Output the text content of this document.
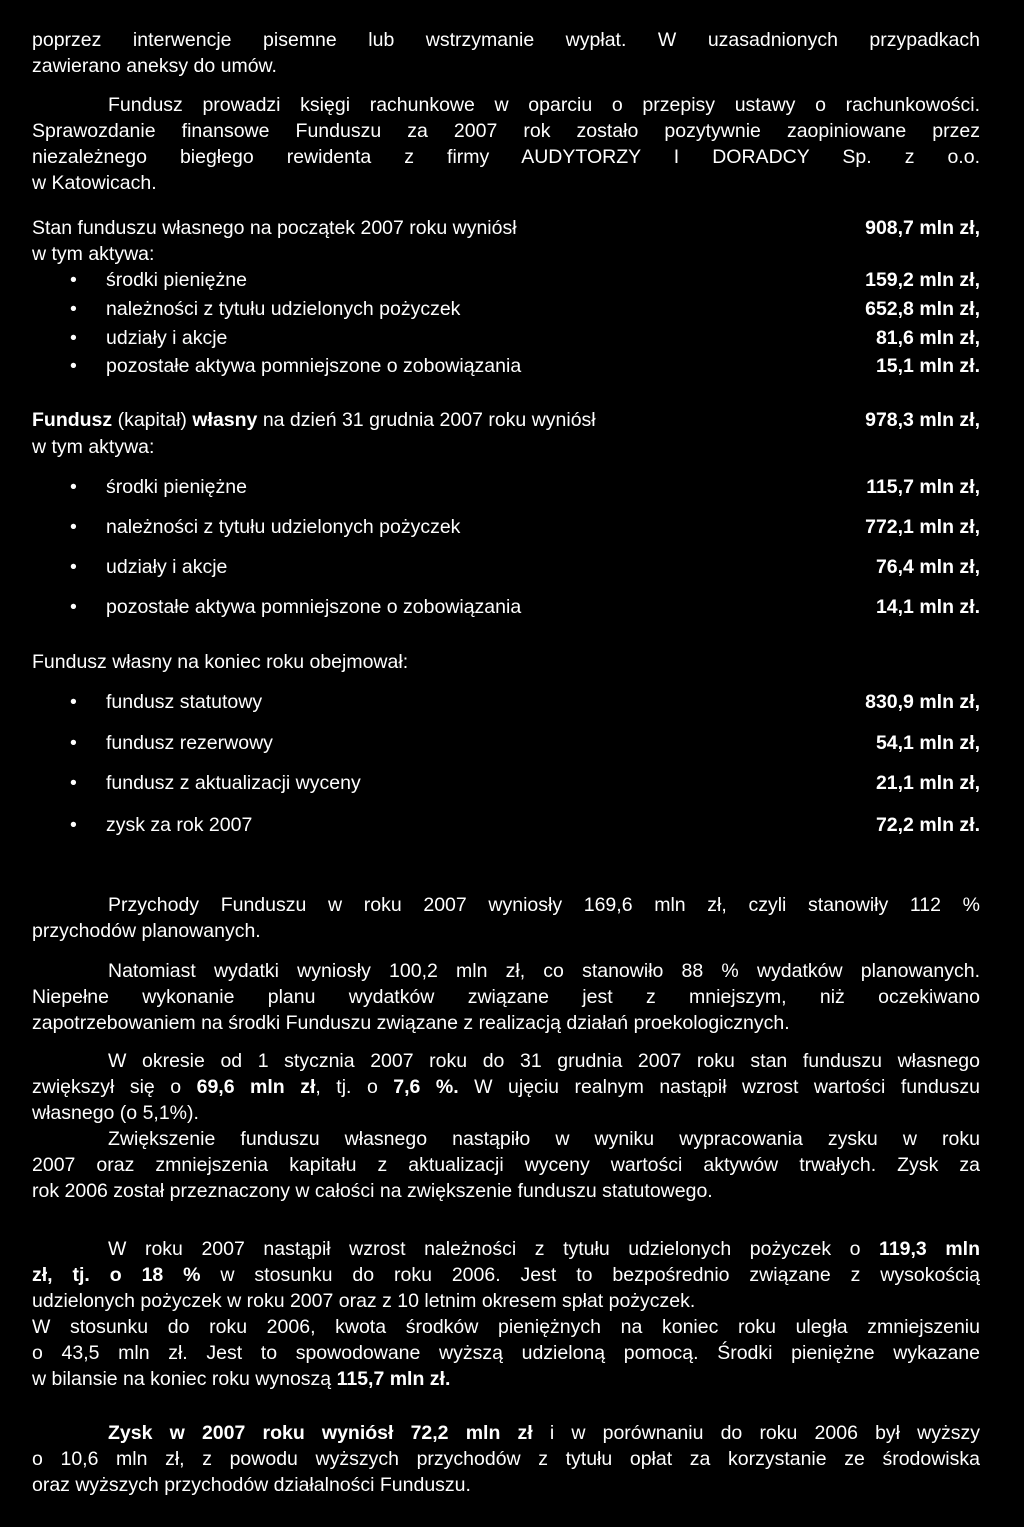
poprzez interwencje pisemne lub wstrzymanie wypłat. W uzasadnionych przypadkach
zawierano aneksy do umów.
Fundusz prowadzi księgi rachunkowe w oparciu o przepisy ustawy o rachunkowości.
Sprawozdanie finansowe Funduszu za 2007 rok zostało pozytywnie zaopiniowane przez
niezależnego biegłego rewidenta z firmy AUDYTORZY I DORADCY Sp. z o.o.
w Katowicach.
Stan funduszu własnego na początek 2007 roku wyniósł	908,7 mln zł,
w tym aktywa:
• środki pieniężne	159,2 mln zł,
• należności z tytułu udzielonych pożyczek	652,8 mln zł,
• udziały i akcje	81,6 mln zł,
• pozostałe aktywa pomniejszone o zobowiązania	15,1 mln zł.
Fundusz (kapitał) własny na dzień 31 grudnia 2007 roku wyniósł	978,3 mln zł,
w tym aktywa:
• środki pieniężne	115,7 mln zł,
• należności z tytułu udzielonych pożyczek	772,1 mln zł,
• udziały i akcje	76,4 mln zł,
• pozostałe aktywa pomniejszone o zobowiązania	14,1 mln zł.
Fundusz własny na koniec roku obejmował:
• fundusz statutowy	830,9 mln zł,
• fundusz rezerwowy	54,1 mln zł,
• fundusz z aktualizacji wyceny	21,1 mln zł,
• zysk za rok 2007	72,2 mln zł.
Przychody Funduszu w roku 2007 wyniosły 169,6 mln zł, czyli stanowiły 112 %
przychodów planowanych.
Natomiast wydatki wyniosły 100,2 mln zł, co stanowiło 88 % wydatków planowanych.
Niepełne wykonanie planu wydatków związane jest z mniejszym, niż oczekiwano
zapotrzebowaniem na środki Funduszu związane z realizacją działań proekologicznych.
W okresie od 1 stycznia 2007 roku do 31 grudnia 2007 roku stan funduszu własnego
zwiększył się o 69,6 mln zł, tj. o 7,6 %. W ujęciu realnym nastąpił wzrost wartości funduszu
własnego (o 5,1%).
Zwiększenie funduszu własnego nastąpiło w wyniku wypracowania zysku w roku
2007 oraz zmniejszenia kapitału z aktualizacji wyceny wartości aktywów trwałych. Zysk za
rok 2006 został przeznaczony w całości na zwiększenie funduszu statutowego.
W roku 2007 nastąpił wzrost należności z tytułu udzielonych pożyczek o 119,3 mln
zł, tj. o 18 % w stosunku do roku 2006. Jest to bezpośrednio związane z wysokością
udzielonych pożyczek w roku 2007 oraz z 10 letnim okresem spłat pożyczek.
W stosunku do roku 2006, kwota środków pieniężnych na koniec roku uległa zmniejszeniu
o 43,5 mln zł. Jest to spowodowane wyższą udzieloną pomocą. Środki pieniężne wykazane
w bilansie na koniec roku wynoszą 115,7 mln zł.
Zysk w 2007 roku wyniósł 72,2 mln zł i w porównaniu do roku 2006 był wyższy
o 10,6 mln zł, z powodu wyższych przychodów z tytułu opłat za korzystanie ze środowiska
oraz wyższych przychodów działalności Funduszu.
